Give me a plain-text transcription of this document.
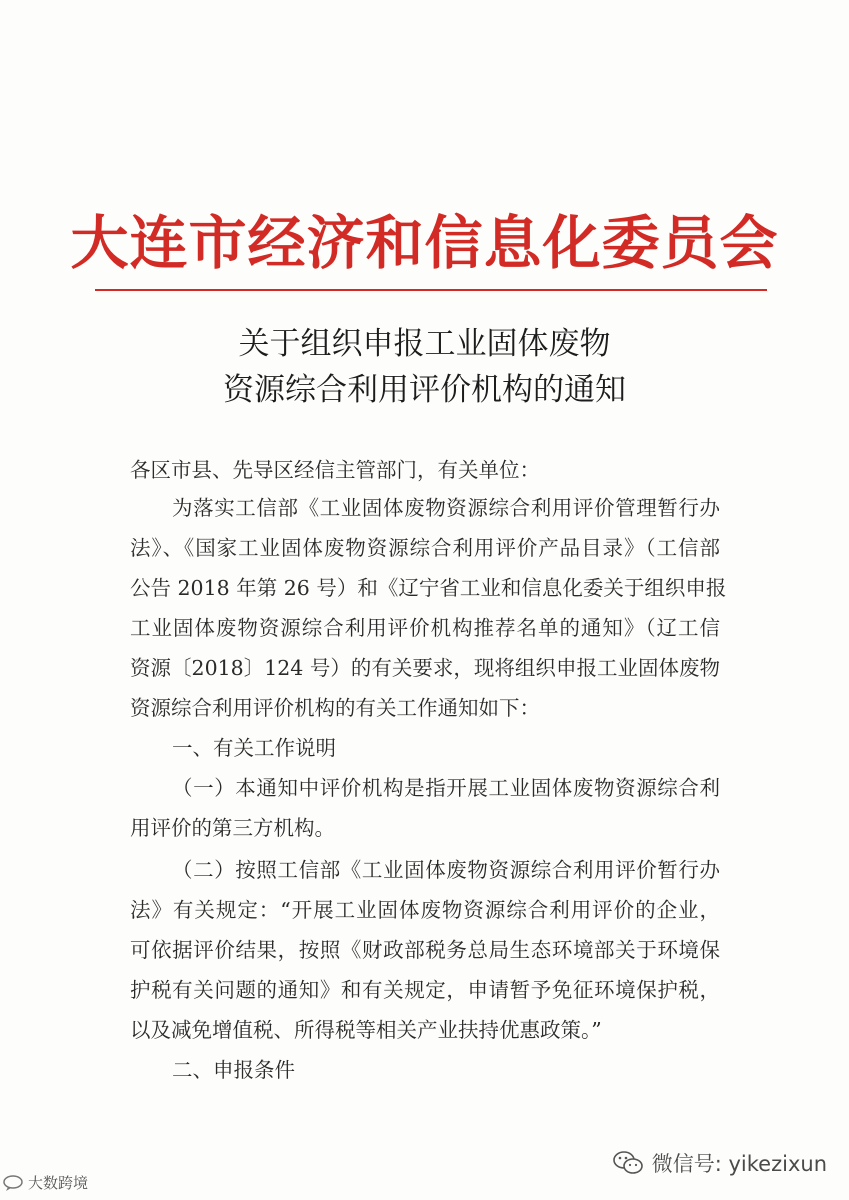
大连市经济和信息化委员会
关于组织申报工业固体废物
资源综合利用评价机构的通知
各区市县、先导区经信主管部门，有关单位：
为落实工信部《工业固体废物资源综合利用评价管理暂行办
法》、《国家工业固体废物资源综合利用评价产品目录》（工信部
公告 2018 年第 26 号）和《辽宁省工业和信息化委关于组织申报
工业固体废物资源综合利用评价机构推荐名单的通知》（辽工信
资源〔2018〕124 号）的有关要求，现将组织申报工业固体废物
资源综合利用评价机构的有关工作通知如下：
一、有关工作说明
（一）本通知中评价机构是指开展工业固体废物资源综合利
用评价的第三方机构。
（二）按照工信部《工业固体废物资源综合利用评价暂行办
法》有关规定：“开展工业固体废物资源综合利用评价的企业，
可依据评价结果，按照《财政部税务总局生态环境部关于环境保
护税有关问题的通知》和有关规定，申请暂予免征环境保护税，
以及减免增值税、所得税等相关产业扶持优惠政策。”
二、申报条件
大数跨境
微信号: yikezixun
